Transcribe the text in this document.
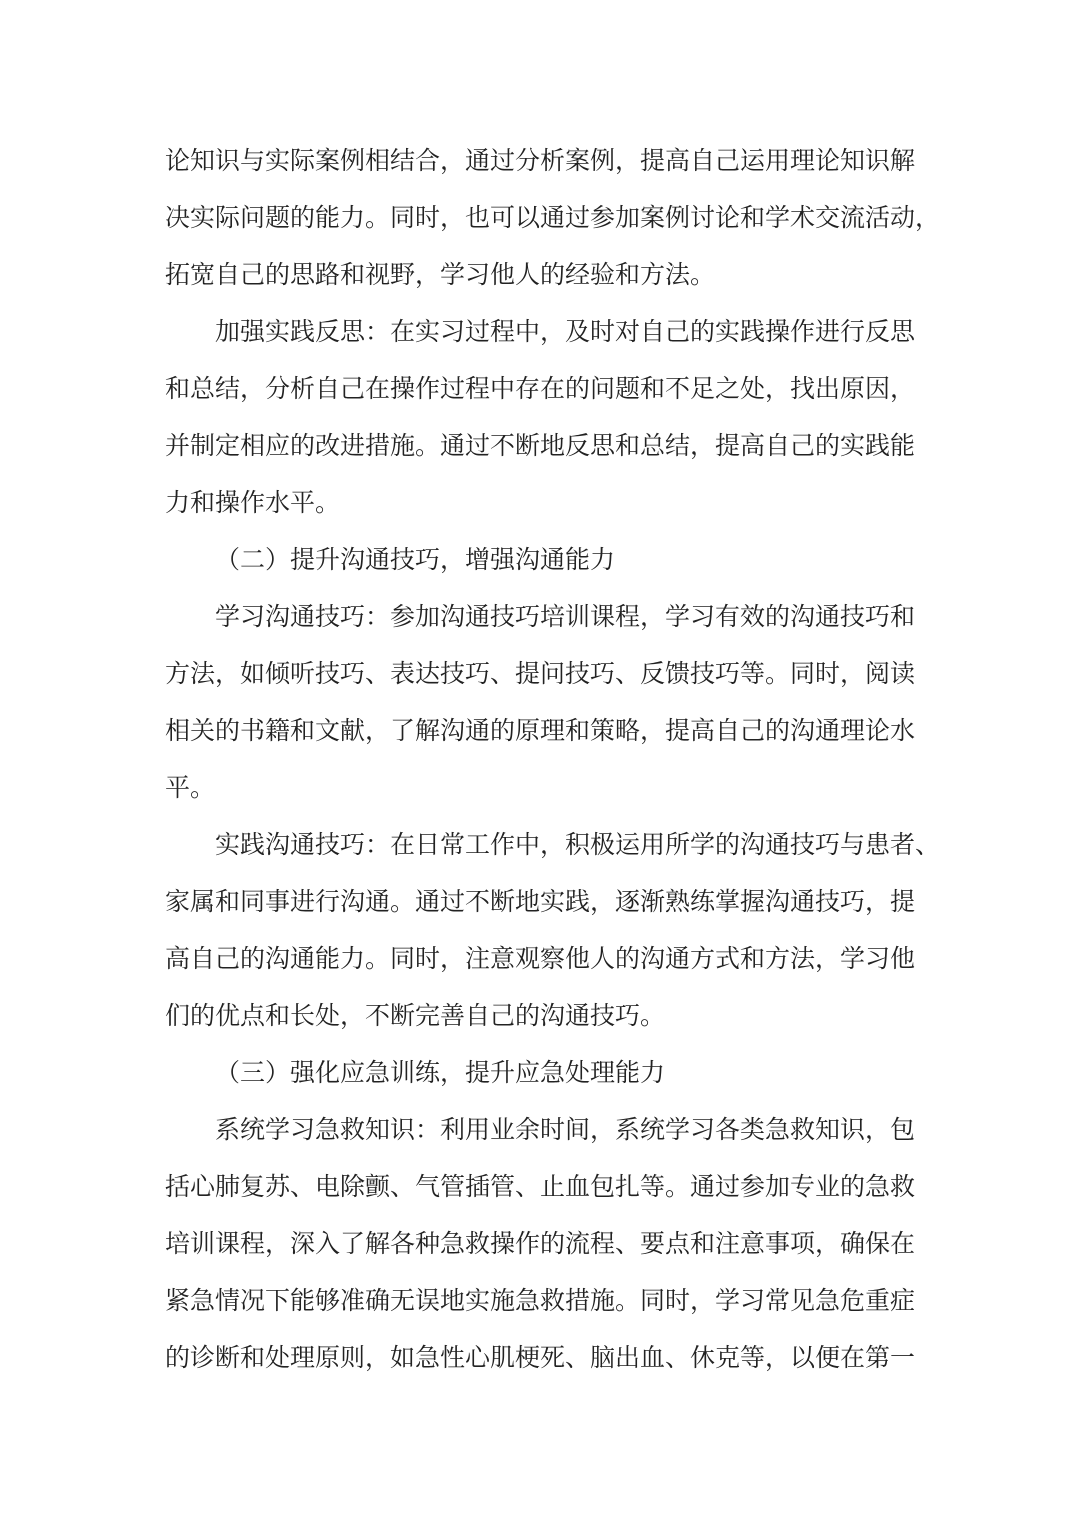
论知识与实际案例相结合，通过分析案例，提高自己运用理论知识解
决实际问题的能力。同时，也可以通过参加案例讨论和学术交流活动，
拓宽自己的思路和视野，学习他人的经验和方法。
加强实践反思：在实习过程中，及时对自己的实践操作进行反思
和总结，分析自己在操作过程中存在的问题和不足之处，找出原因，
并制定相应的改进措施。通过不断地反思和总结，提高自己的实践能
力和操作水平。
（二）提升沟通技巧，增强沟通能力
学习沟通技巧：参加沟通技巧培训课程，学习有效的沟通技巧和
方法，如倾听技巧、表达技巧、提问技巧、反馈技巧等。同时，阅读
相关的书籍和文献，了解沟通的原理和策略，提高自己的沟通理论水
平。
实践沟通技巧：在日常工作中，积极运用所学的沟通技巧与患者、
家属和同事进行沟通。通过不断地实践，逐渐熟练掌握沟通技巧，提
高自己的沟通能力。同时，注意观察他人的沟通方式和方法，学习他
们的优点和长处，不断完善自己的沟通技巧。
（三）强化应急训练，提升应急处理能力
系统学习急救知识：利用业余时间，系统学习各类急救知识，包
括心肺复苏、电除颤、气管插管、止血包扎等。通过参加专业的急救
培训课程，深入了解各种急救操作的流程、要点和注意事项，确保在
紧急情况下能够准确无误地实施急救措施。同时，学习常见急危重症
的诊断和处理原则，如急性心肌梗死、脑出血、休克等，以便在第一
